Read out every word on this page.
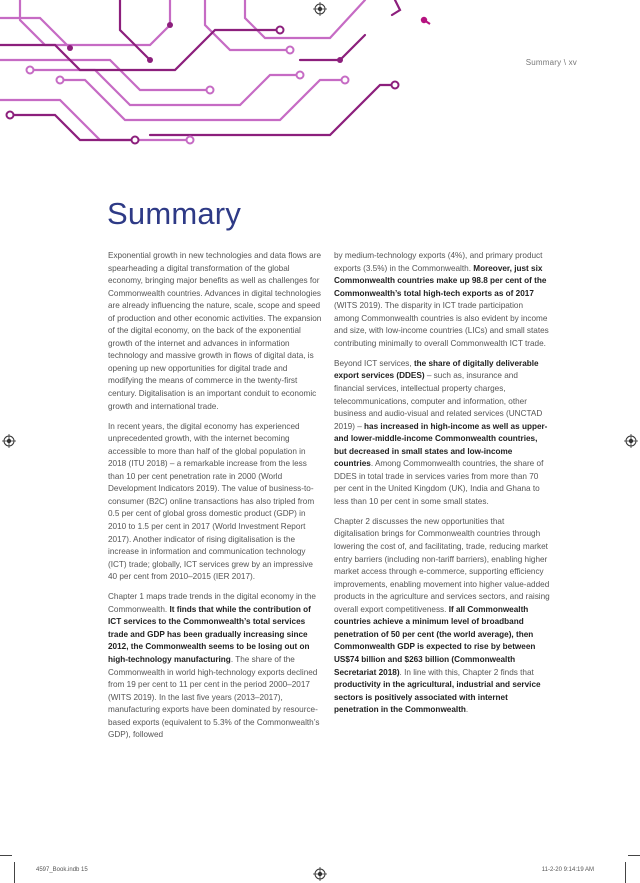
Summary \ xv
Summary

Exponential growth in new technologies and data flows are spearheading a digital transformation of the global economy, bringing major benefits as well as challenges for Commonwealth countries. Advances in digital technologies are already influencing the nature, scale, scope and speed of production and other economic activities. The expansion of the digital economy, on the back of the exponential growth of the internet and advances in information technology and massive growth in flows of digital data, is opening up new opportunities for digital trade and modifying the means of commerce in the twenty-first century. Digitalisation is an important conduit to economic growth and international trade.

In recent years, the digital economy has experienced unprecedented growth, with the internet becoming accessible to more than half of the global population in 2018 (ITU 2018) – a remarkable increase from the less than 10 per cent penetration rate in 2000 (World Development Indicators 2019). The value of business-to-consumer (B2C) online transactions has also tripled from 0.5 per cent of global gross domestic product (GDP) in 2010 to 1.5 per cent in 2017 (World Investment Report 2017). Another indicator of rising digitalisation is the increase in information and communication technology (ICT) trade; globally, ICT services grew by an impressive 40 per cent from 2010–2015 (IER 2017).

Chapter 1 maps trade trends in the digital economy in the Commonwealth. It finds that while the contribution of ICT services to the Commonwealth’s total services trade and GDP has been gradually increasing since 2012, the Commonwealth seems to be losing out on high-technology manufacturing. The share of the Commonwealth in world high-technology exports declined from 19 per cent to 11 per cent in the period 2000–2017 (WITS 2019). In the last five years (2013–2017), manufacturing exports have been dominated by resource-based exports (equivalent to 5.3% of the Commonwealth’s GDP), followed

by medium-technology exports (4%), and primary product exports (3.5%) in the Commonwealth. Moreover, just six Commonwealth countries make up 98.8 per cent of the Commonwealth’s total high-tech exports as of 2017 (WITS 2019). The disparity in ICT trade participation among Commonwealth countries is also evident by income and size, with low-income countries (LICs) and small states contributing minimally to overall Commonwealth ICT trade.

Beyond ICT services, the share of digitally deliverable export services (DDES) – such as, insurance and financial services, intellectual property charges, telecommunications, computer and information, other business and audio-visual and related services (UNCTAD 2019) – has increased in high-income as well as upper- and lower-middle-income Commonwealth countries, but decreased in small states and low-income countries. Among Commonwealth countries, the share of DDES in total trade in services varies from more than 70 per cent in the United Kingdom (UK), India and Ghana to less than 10 per cent in some small states.

Chapter 2 discusses the new opportunities that digitalisation brings for Commonwealth countries through lowering the cost of, and facilitating, trade, reducing market entry barriers (including non-tariff barriers), enabling higher market access through e-commerce, supporting efficiency improvements, enabling movement into higher value-added products in the agriculture and services sectors, and raising overall export competitiveness. If all Commonwealth countries achieve a minimum level of broadband penetration of 50 per cent (the world average), then Commonwealth GDP is expected to rise by between US$74 billion and $263 billion (Commonwealth Secretariat 2018). In line with this, Chapter 2 finds that productivity in the agricultural, industrial and service sectors is positively associated with internet penetration in the Commonwealth.

4597_Book.indb 15	11-2-20 9:14:19 AM
